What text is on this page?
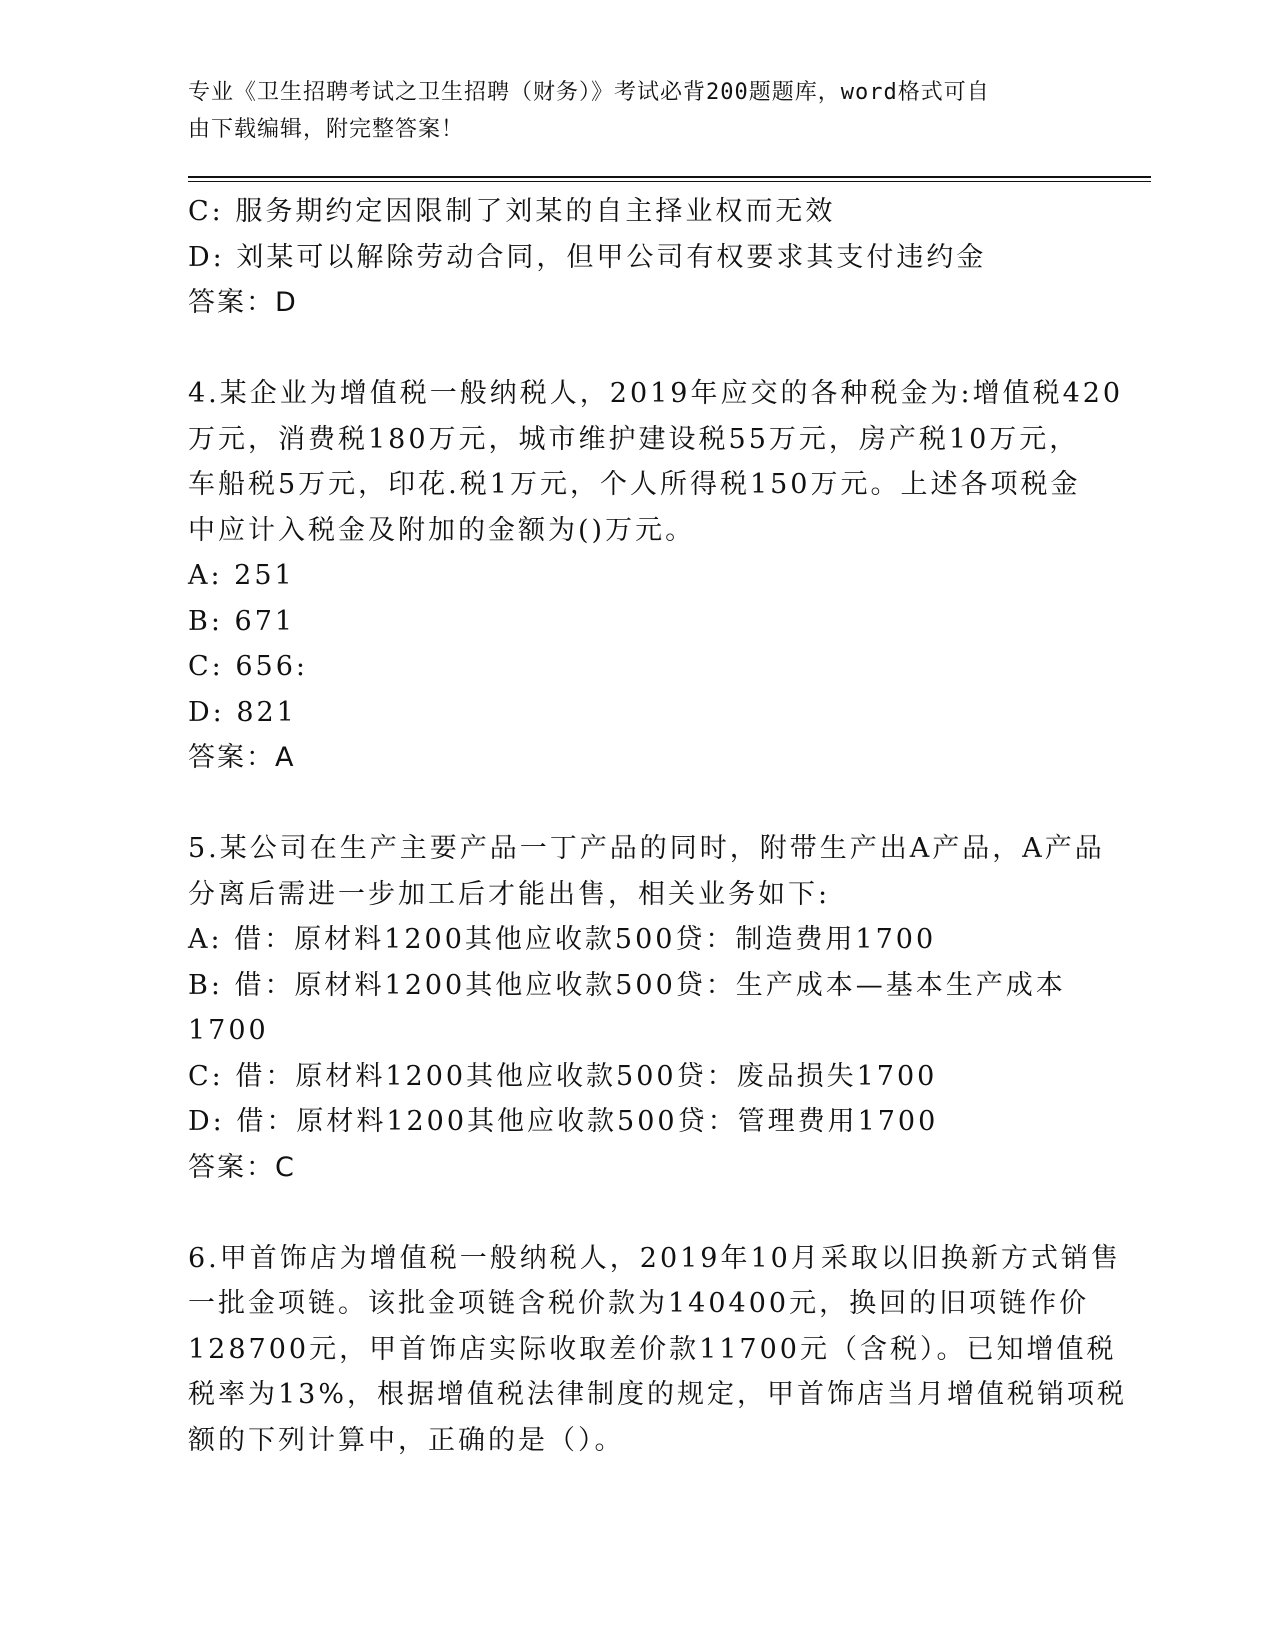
专业《卫生招聘考试之卫生招聘（财务）》考试必背200题题库，word格式可自
由下载编辑，附完整答案！
C: 服务期约定因限制了刘某的自主择业权而无效
D: 刘某可以解除劳动合同，但甲公司有权要求其支付违约金
答案：D
4.某企业为增值税一般纳税人，2019年应交的各种税金为:增值税420
万元，消费税180万元，城市维护建设税55万元，房产税10万元，
车船税5万元，印花.税1万元，个人所得税150万元。上述各项税金
中应计入税金及附加的金额为()万元。
A: 251
B: 671
C: 656:
D: 821
答案：A
5.某公司在生产主要产品一丁产品的同时，附带生产出A产品，A产品
分离后需进一步加工后才能出售，相关业务如下:
A: 借：原材料1200其他应收款500贷：制造费用1700
B: 借：原材料1200其他应收款500贷：生产成本—基本生产成本
1700
C: 借：原材料1200其他应收款500贷：废品损失1700
D: 借：原材料1200其他应收款500贷：管理费用1700
答案：C
6.甲首饰店为增值税一般纳税人，2019年10月采取以旧换新方式销售
一批金项链。该批金项链含税价款为140400元，换回的旧项链作价
128700元，甲首饰店实际收取差价款11700元（含税）。已知增值税
税率为13%，根据增值税法律制度的规定，甲首饰店当月增值税销项税
额的下列计算中，正确的是（）。
